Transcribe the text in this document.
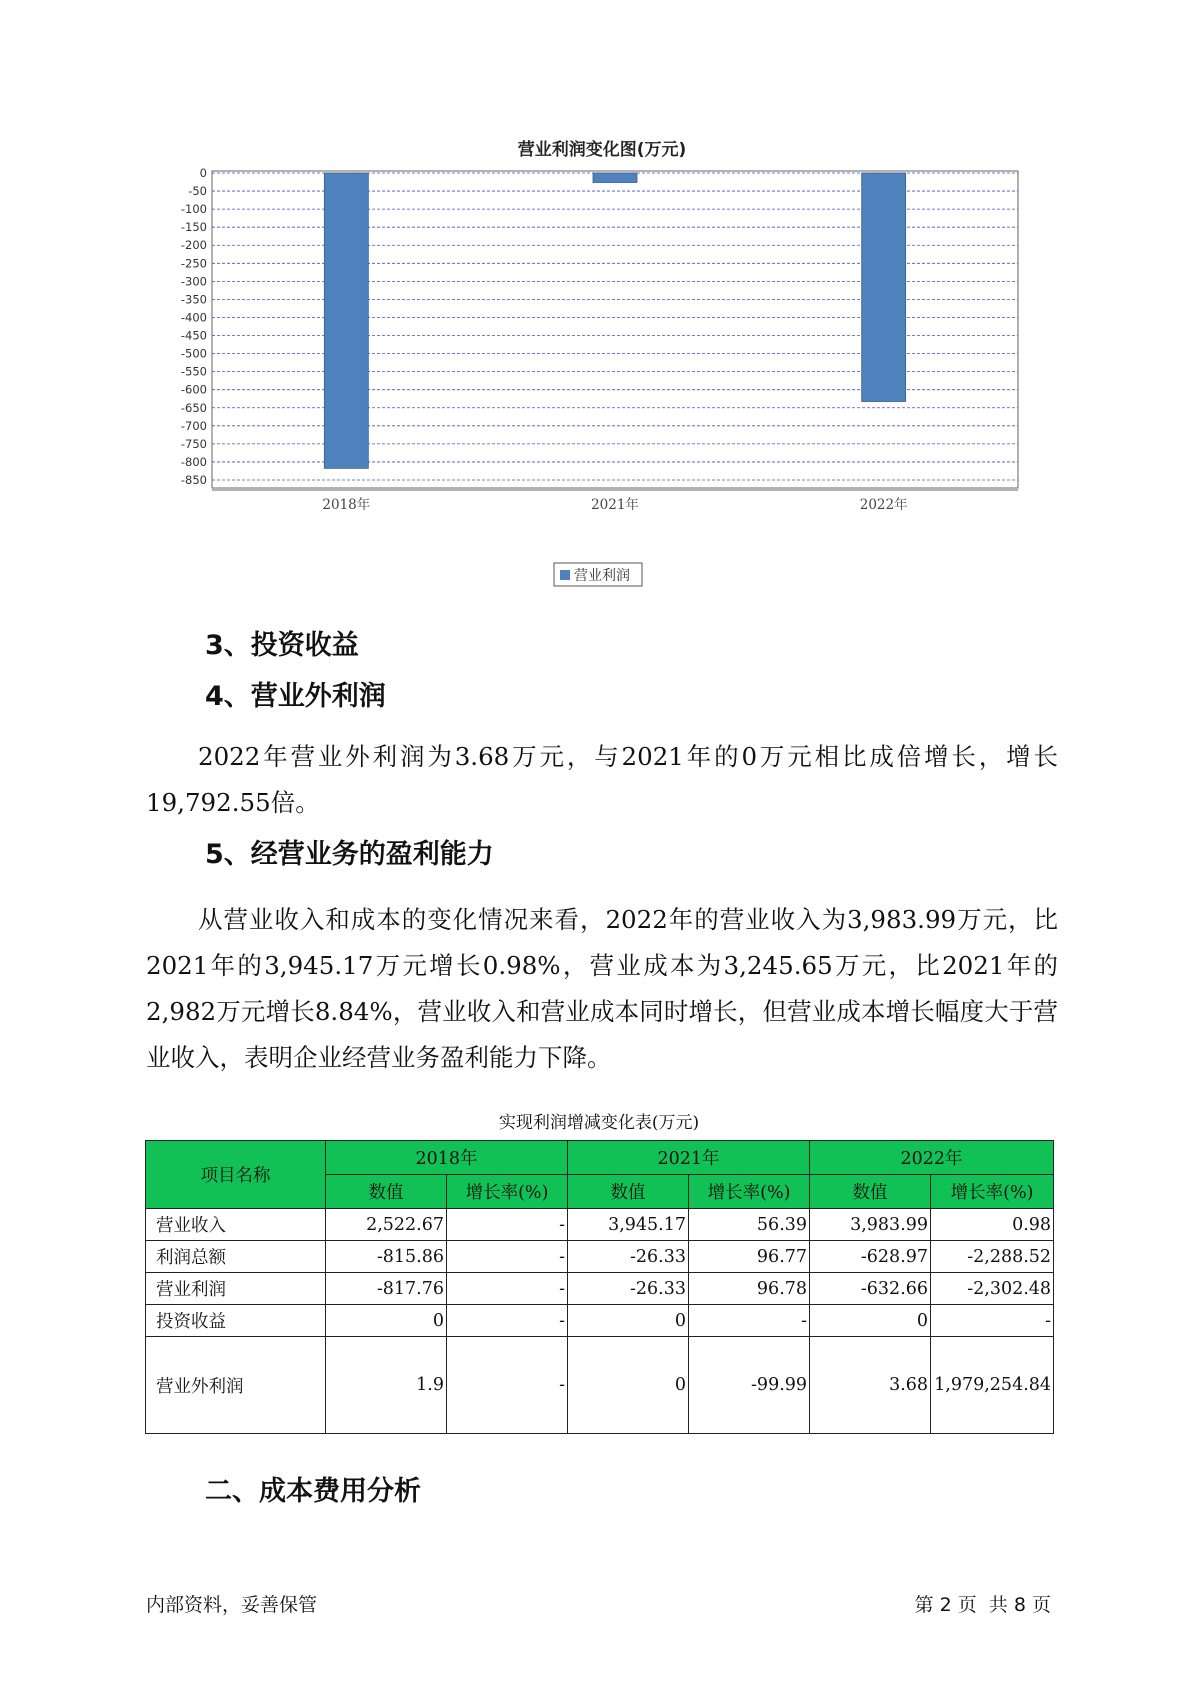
营业利润变化图(万元)
0
-50
-100
-150
-200
-250
-300
-350
-400
-450
-500
-550
-600
-650
-700
-750
-800
-850
2018年	2021年	2022年
营业利润
3、投资收益
4、营业外利润

2022年营业外利润为3.68万元，与2021年的0万元相比成倍增长，增长19,792.55倍。

5、经营业务的盈利能力

从营业收入和成本的变化情况来看，2022年的营业收入为3,983.99万元，比2021年的3,945.17万元增长0.98%，营业成本为3,245.65万元，比2021年的2,982万元增长8.84%，营业收入和营业成本同时增长，但营业成本增长幅度大于营业收入，表明企业经营业务盈利能力下降。

实现利润增减变化表(万元)
项目名称	2018年		2021年		2022年	
	数值	增长率(%)	数值	增长率(%)	数值	增长率(%)
营业收入	2,522.67	-	3,945.17	56.39	3,983.99	0.98
利润总额	-815.86	-	-26.33	96.77	-628.97	-2,288.52
营业利润	-817.76	-	-26.33	96.78	-632.66	-2,302.48
投资收益	0	-	0	-	0	-
营业外利润	1.9	-	0	-99.99	3.68	1,979,254.84
二、成本费用分析
内部资料，妥善保管	第 2 页  共 8 页
